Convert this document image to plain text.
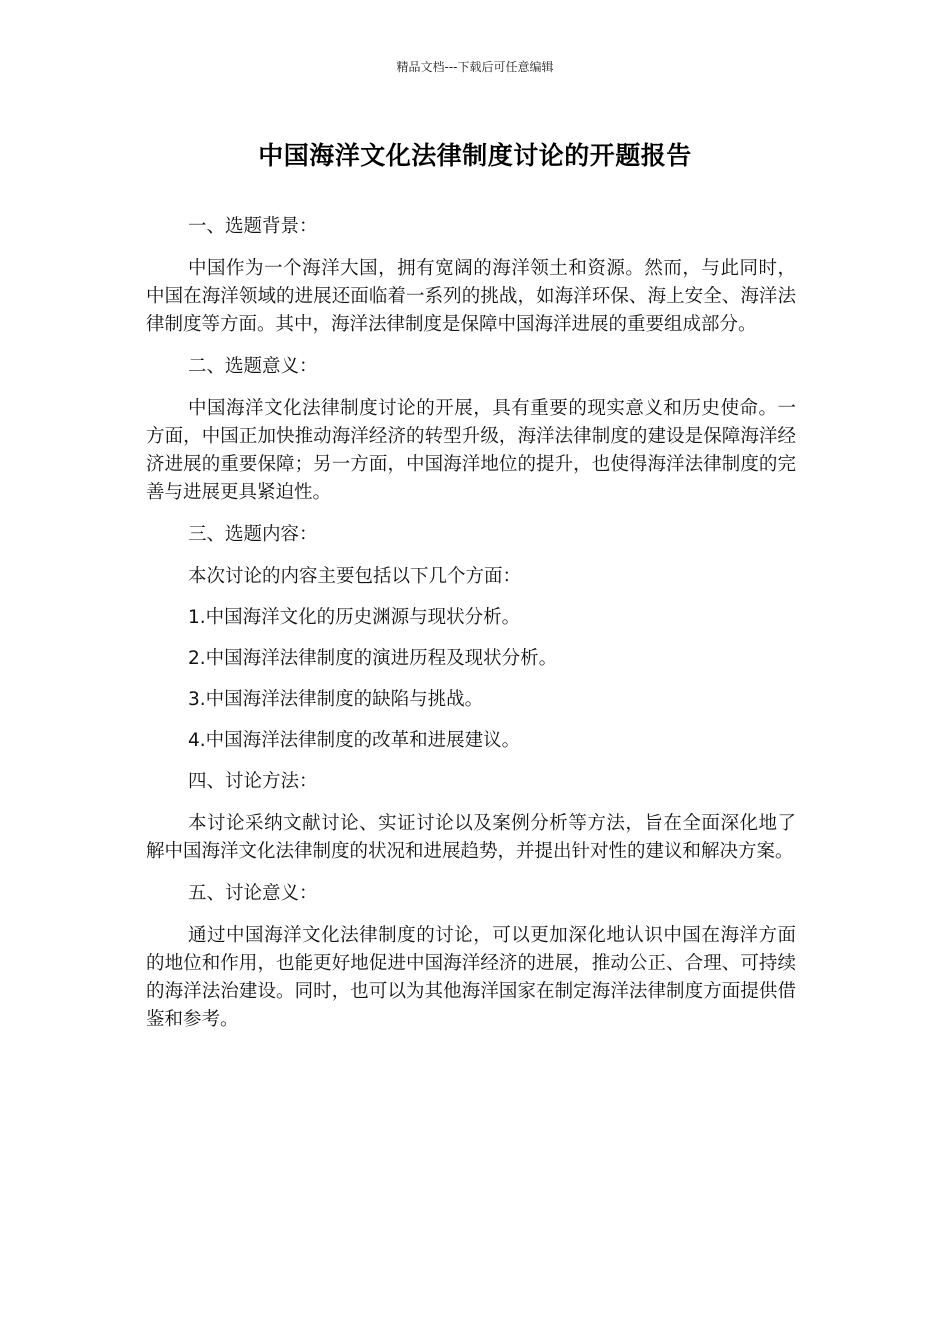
精品文档---下载后可任意编辑
中国海洋文化法律制度讨论的开题报告

一、选题背景：

中国作为一个海洋大国，拥有宽阔的海洋领土和资源。然而，与此同时，中国在海洋领域的进展还面临着一系列的挑战，如海洋环保、海上安全、海洋法律制度等方面。其中，海洋法律制度是保障中国海洋进展的重要组成部分。

二、选题意义：

中国海洋文化法律制度讨论的开展，具有重要的现实意义和历史使命。一方面，中国正加快推动海洋经济的转型升级，海洋法律制度的建设是保障海洋经济进展的重要保障；另一方面，中国海洋地位的提升，也使得海洋法律制度的完善与进展更具紧迫性。

三、选题内容：

本次讨论的内容主要包括以下几个方面：

1.中国海洋文化的历史渊源与现状分析。

2.中国海洋法律制度的演进历程及现状分析。

3.中国海洋法律制度的缺陷与挑战。

4.中国海洋法律制度的改革和进展建议。

四、讨论方法：

本讨论采纳文献讨论、实证讨论以及案例分析等方法，旨在全面深化地了解中国海洋文化法律制度的状况和进展趋势，并提出针对性的建议和解决方案。

五、讨论意义：

通过中国海洋文化法律制度的讨论，可以更加深化地认识中国在海洋方面的地位和作用，也能更好地促进中国海洋经济的进展，推动公正、合理、可持续的海洋法治建设。同时，也可以为其他海洋国家在制定海洋法律制度方面提供借鉴和参考。
